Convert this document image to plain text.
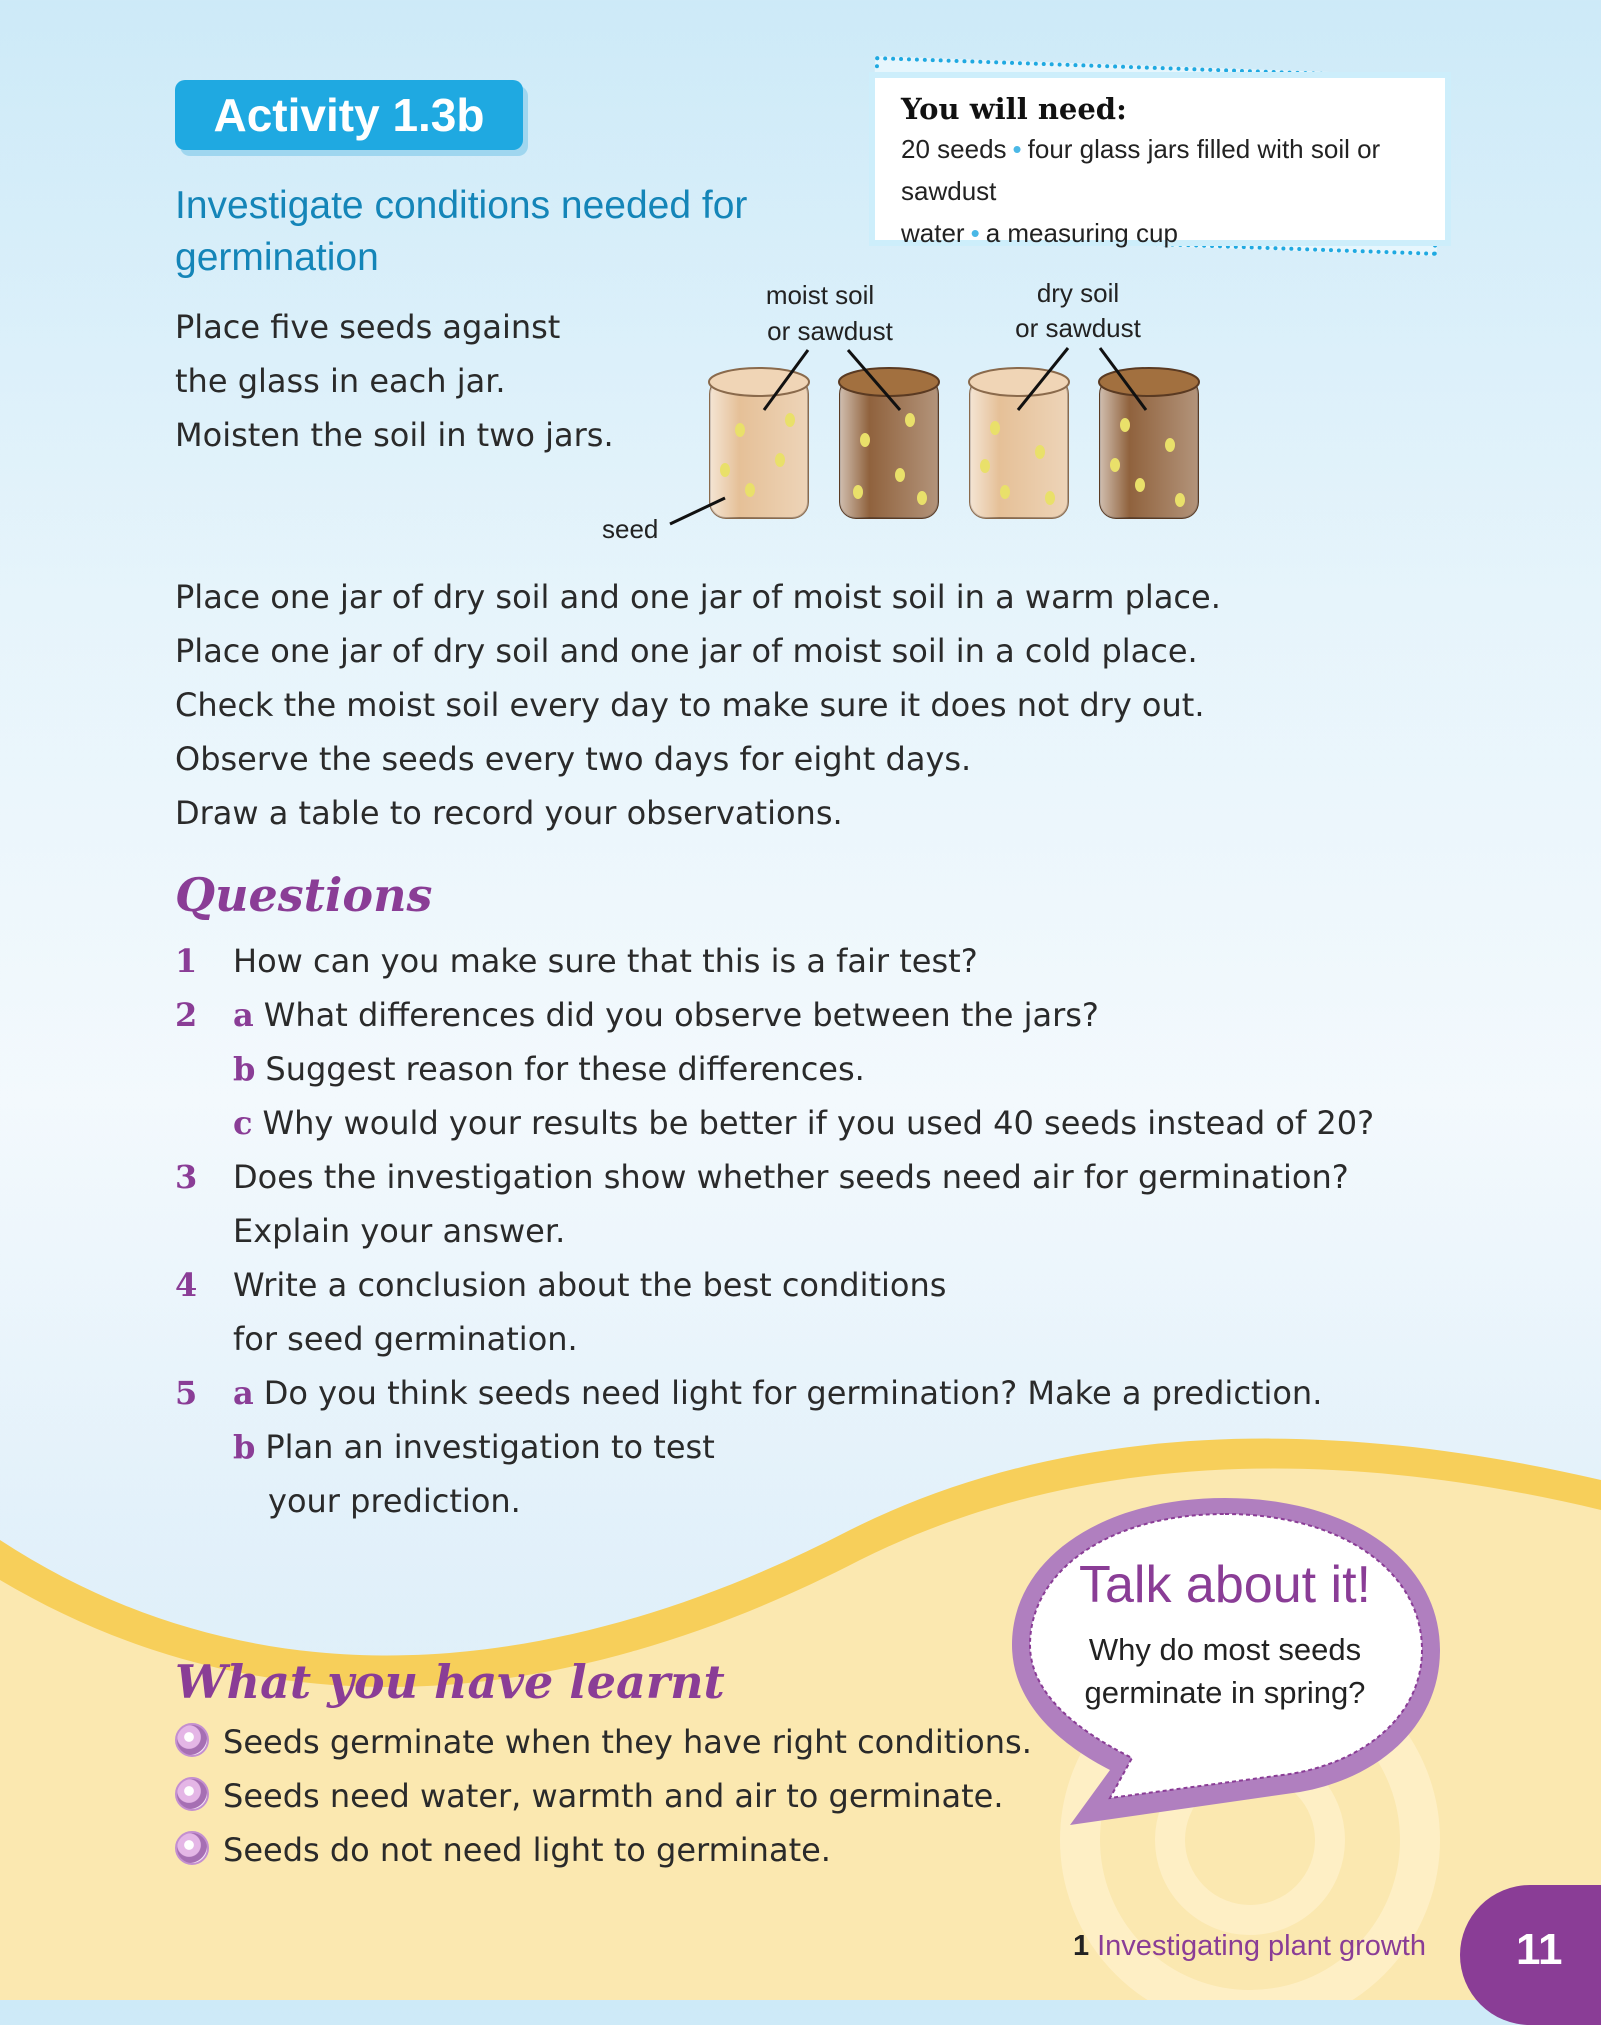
Activity 1.3b
Investigate conditions needed for germination
You will need:
20 seeds • four glass jars filled with soil or sawdust
water • a measuring cup
Place five seeds against
the glass in each jar.
Moisten the soil in two jars.
moist soil
or sawdust
dry soil
or sawdust
seed
Place one jar of dry soil and one jar of moist soil in a warm place.
Place one jar of dry soil and one jar of moist soil in a cold place.
Check the moist soil every day to make sure it does not dry out.
Observe the seeds every two days for eight days.
Draw a table to record your observations.
Questions
1 How can you make sure that this is a fair test?
2 a What differences did you observe between the jars?
b Suggest reason for these differences.
c Why would your results be better if you used 40 seeds instead of 20?
3 Does the investigation show whether seeds need air for germination?
Explain your answer.
4 Write a conclusion about the best conditions
for seed germination.
5 a Do you think seeds need light for germination? Make a prediction.
b Plan an investigation to test
your prediction.
Talk about it!
Why do most seeds germinate in spring?
What you have learnt
Seeds germinate when they have right conditions.
Seeds need water, warmth and air to germinate.
Seeds do not need light to germinate.
1 Investigating plant growth	11
